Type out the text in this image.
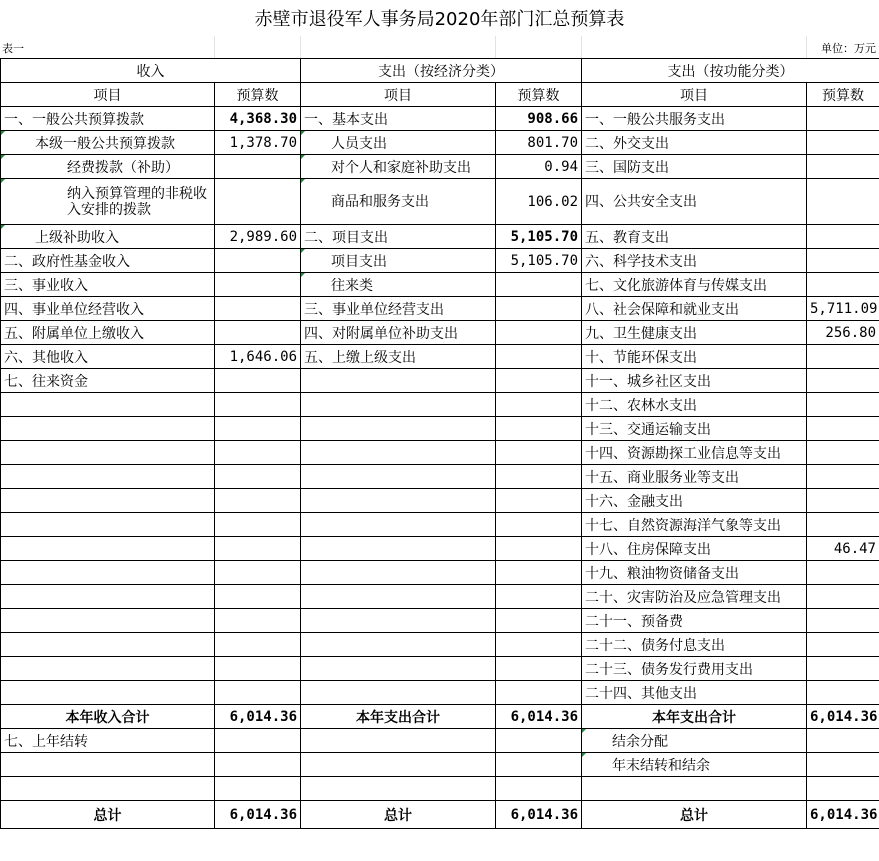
赤壁市退役军人事务局2020年部门汇总预算表
表一	单位：万元
收入		支出（按经济分类）		支出（按功能分类）	
项目	预算数	项目	预算数	项目	预算数
一、一般公共预算拨款	4,368.30	一、基本支出	908.66	一、一般公共服务支出	
本级一般公共预算拨款	1,378.70	人员支出	801.70	二、外交支出	
经费拨款（补助）		对个人和家庭补助支出	0.94	三、国防支出	
纳入预算管理的非税收入安排的拨款		商品和服务支出	106.02	四、公共安全支出	
上级补助收入	2,989.60	二、项目支出	5,105.70	五、教育支出	
二、政府性基金收入		项目支出	5,105.70	六、科学技术支出	
三、事业收入		往来类		七、文化旅游体育与传媒支出	
四、事业单位经营收入		三、事业单位经营支出		八、社会保障和就业支出	5,711.09
五、附属单位上缴收入		四、对附属单位补助支出		九、卫生健康支出	256.80
六、其他收入	1,646.06	五、上缴上级支出		十、节能环保支出	
七、往来资金				十一、城乡社区支出	
				十二、农林水支出	
				十三、交通运输支出	
				十四、资源勘探工业信息等支出	
				十五、商业服务业等支出	
				十六、金融支出	
				十七、自然资源海洋气象等支出	
				十八、住房保障支出	46.47
				十九、粮油物资储备支出	
				二十、灾害防治及应急管理支出	
				二十一、预备费	
				二十二、债务付息支出	
				二十三、债务发行费用支出	
				二十四、其他支出	
本年收入合计	6,014.36	本年支出合计	6,014.36	本年支出合计	6,014.36
七、上年结转				结余分配	
				年末结转和结余	

总计	6,014.36	总计	6,014.36	总计	6,014.36
